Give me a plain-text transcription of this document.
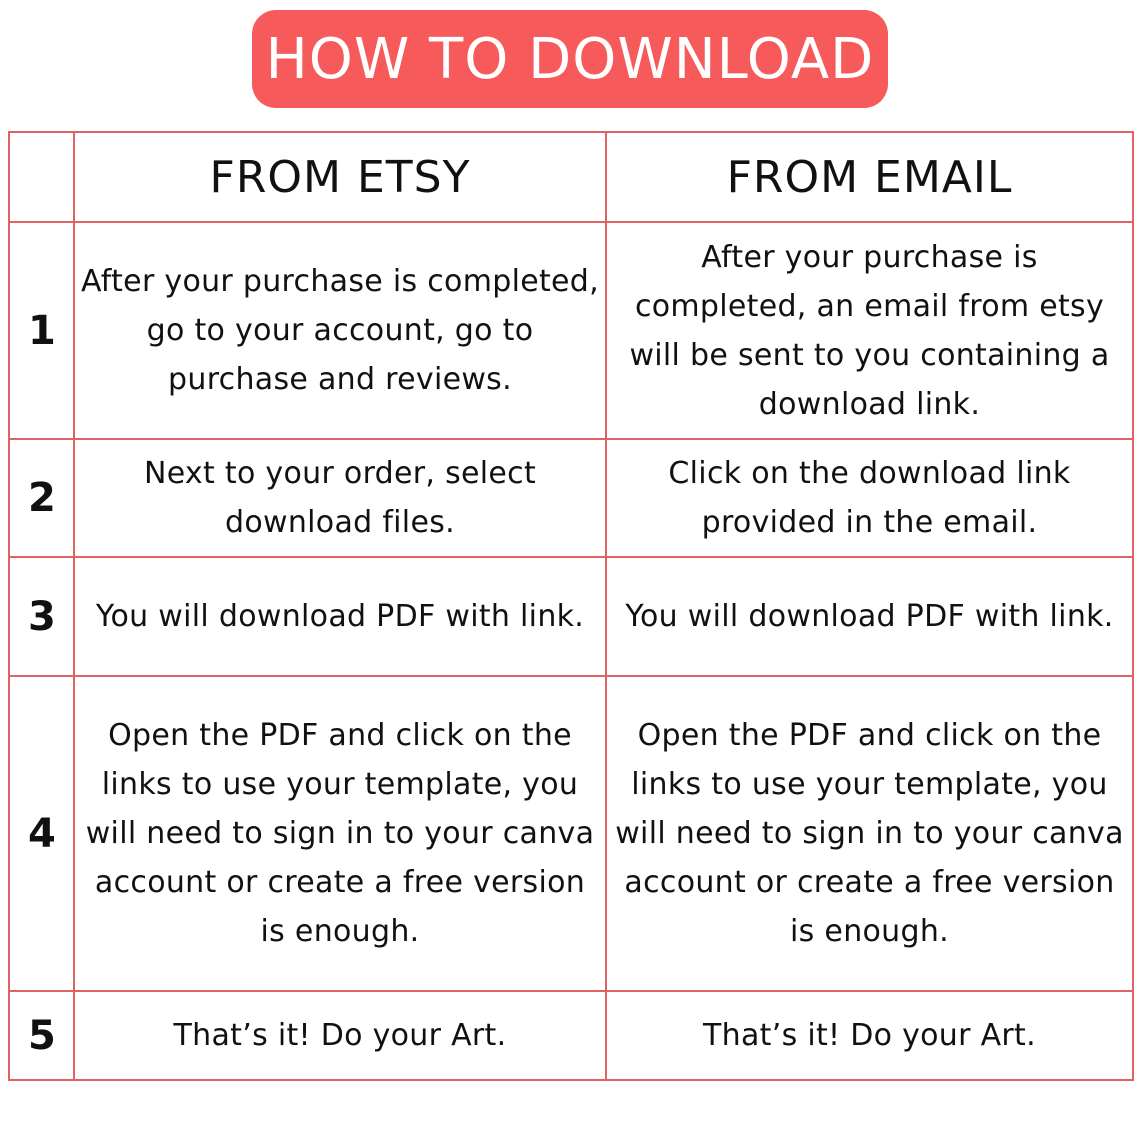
HOW TO DOWNLOAD
	FROM ETSY	FROM EMAIL
1	After your purchase is completed, go to your account, go to purchase and reviews.	After your purchase is completed, an email from etsy will be sent to you containing a download link.
2	Next to your order, select download files.	Click on the download link provided in the email.
3	You will download PDF with link.	You will download PDF with link.
4	Open the PDF and click on the links to use your template, you will need to sign in to your canva account or create a free version is enough.	Open the PDF and click on the links to use your template, you will need to sign in to your canva account or create a free version is enough.
5	That’s it! Do your Art.	That’s it! Do your Art.
